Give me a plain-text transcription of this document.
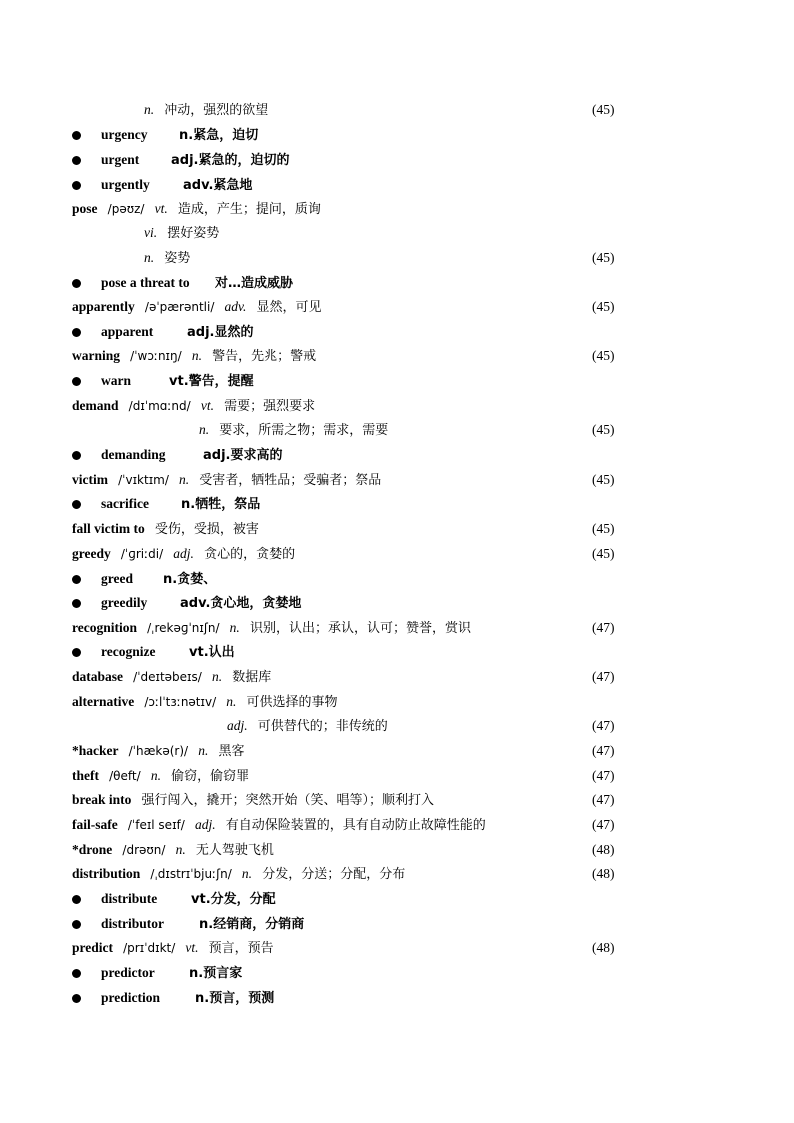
n. 冲动，强烈的欲望	(45)
urgency n.紧急，迫切
urgent adj.紧急的，迫切的
urgently	adv.紧急地
pose /pəʊz/ vt. 造成，产生；提问，质询
vi. 摆好姿势
n. 姿势	(45)
pose a threat to 对…造成威胁
apparently /əˈpærəntli/ adv. 显然，可见	(45)
apparent	adj.显然的
warning /ˈwɔːnɪŋ/ n. 警告，先兆；警戒	(45)
warn	vt.警告，提醒
demand /dɪˈmɑːnd/ vt. 需要；强烈要求
n. 要求，所需之物；需求，需要	(45)
demanding	adj.要求高的
victim /ˈvɪktɪm/ n. 受害者，牺牲品；受骗者；祭品	(45)
sacrifice n.牺牲，祭品
fall victim to 受伤，受损，被害	(45)
greedy /ˈɡriːdi/ adj. 贪心的，贪婪的	(45)
greed n.贪婪、
greedily	adv.贪心地，贪婪地
recognition /ˌrekəɡˈnɪʃn/ n. 识别，认出；承认，认可；赞誉，赏识	(47)
recognize	vt.认出
database /ˈdeɪtəbeɪs/ n. 数据库	(47)
alternative /ɔːlˈtɜːnətɪv/ n. 可供选择的事物
adj. 可供替代的；非传统的	(47)
*hacker /ˈhækə(r)/ n. 黑客	(47)
theft /θeft/ n. 偷窃，偷窃罪	(47)
break into 强行闯入，撬开；突然开始（笑、唱等）；顺利打入	(47)
fail-safe /ˈfeɪl seɪf/ adj. 有自动保险装置的，具有自动防止故障性能的	(47)
*drone /drəʊn/ n. 无人驾驶飞机	(48)
distribution /ˌdɪstrɪˈbjuːʃn/ n. 分发，分送；分配，分布	(48)
distribute	vt.分发，分配
distributor	n.经销商，分销商
predict /prɪˈdɪkt/ vt. 预言，预告	(48)
predictor	n.预言家
prediction	n.预言，预测
